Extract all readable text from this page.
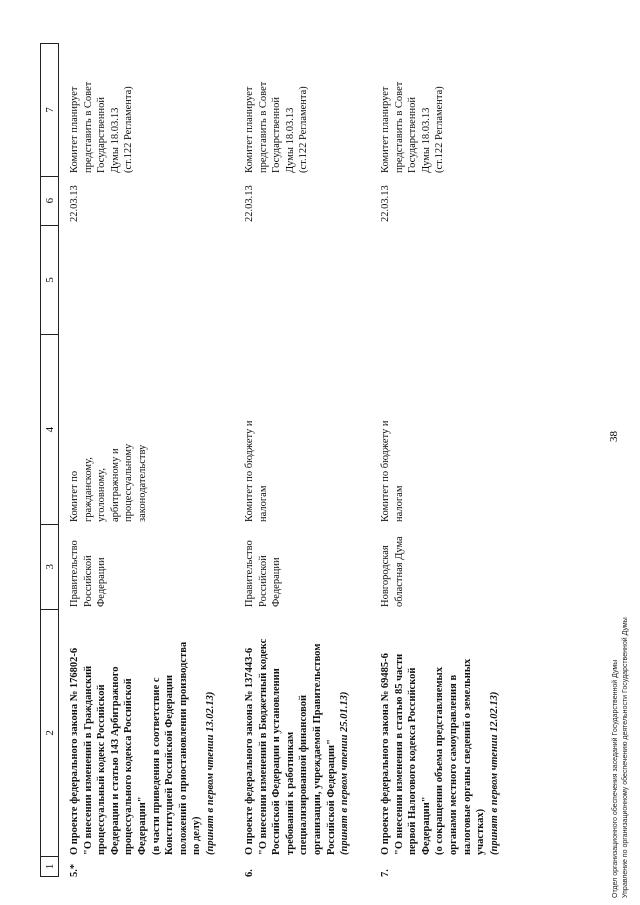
38
1
2
3
4
5
6
7
5.*
О проекте федерального закона № 176802-6
"О внесении изменений в Гражданский
процессуальный кодекс Российской
Федерации и статью 143 Арбитражного
процессуального кодекса Российской
Федерации"
(в части приведения в соответствие с
Конституцией Российской Федерации
положений о приостановлении производства
по делу) (принят в первом чтении 13.02.13)
Правительство
Российской
Федерации
Комитет по
гражданскому,
уголовному,
арбитражному и
процессуальному
законодательству
22.03.13
Комитет планирует
представить в Совет
Государственной
Думы 18.03.13
(ст.122 Регламента)
6.
О проекте федерального закона № 137443-6
"О внесении изменений в Бюджетный кодекс
Российской Федерации и установлении
требований к работникам
специализированной финансовой
организации, учреждаемой Правительством
Российской Федерации" (принят в первом чтении 25.01.13)
Правительство
Российской
Федерации
Комитет по бюджету и
налогам
22.03.13
Комитет планирует
представить в Совет
Государственной
Думы 18.03.13
(ст.122 Регламента)
7.
О проекте федерального закона № 69485-6
"О внесении изменения в статью 85 части
первой Налогового кодекса Российской
Федерации"
(о сокращении объема представляемых
органами местного самоуправления в
налоговые органы сведений о земельных
участках) (принят в первом чтении 12.02.13)
Новгородская
областная Дума
Комитет по бюджету и
налогам
22.03.13
Комитет планирует
представить в Совет
Государственной
Думы 18.03.13
(ст.122 Регламента)
Отдел организационного обеспечения заседаний Государственной Думы Управление по организационному обеспечению деятельности Государственной Думы
